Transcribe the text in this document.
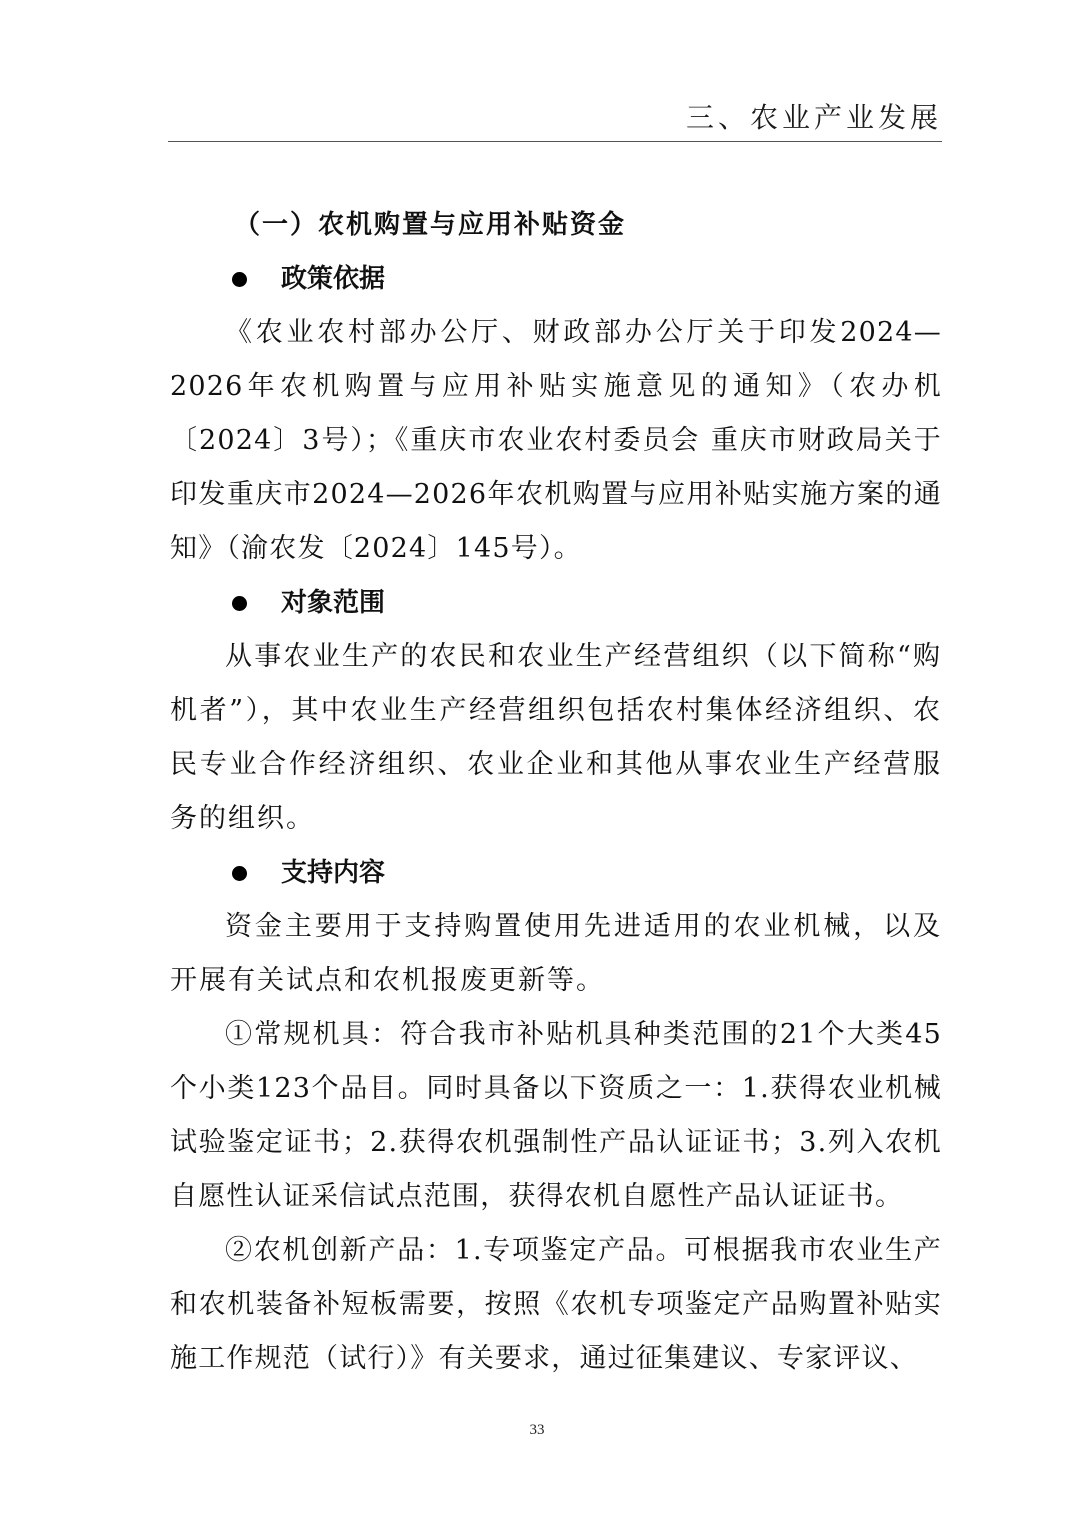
三、农业产业发展
（一）农机购置与应用补贴资金
政策依据

《农业农村部办公厅、财政部办公厅关于印发2024—2026年农机购置与应用补贴实施意见的通知》（农办机〔2024〕3号）；《重庆市农业农村委员会 重庆市财政局关于印发重庆市2024—2026年农机购置与应用补贴实施方案的通知》（渝农发〔2024〕145号）。

对象范围

从事农业生产的农民和农业生产经营组织（以下简称“购机者”），其中农业生产经营组织包括农村集体经济组织、农民专业合作经济组织、农业企业和其他从事农业生产经营服务的组织。

支持内容

资金主要用于支持购置使用先进适用的农业机械，以及开展有关试点和农机报废更新等。

①常规机具：符合我市补贴机具种类范围的21个大类45个小类123个品目。同时具备以下资质之一：1.获得农业机械试验鉴定证书；2.获得农机强制性产品认证证书；3.列入农机自愿性认证采信试点范围，获得农机自愿性产品认证证书。

②农机创新产品：1.专项鉴定产品。可根据我市农业生产和农机装备补短板需要，按照《农机专项鉴定产品购置补贴实施工作规范（试行）》有关要求，通过征集建议、专家评议、

33
